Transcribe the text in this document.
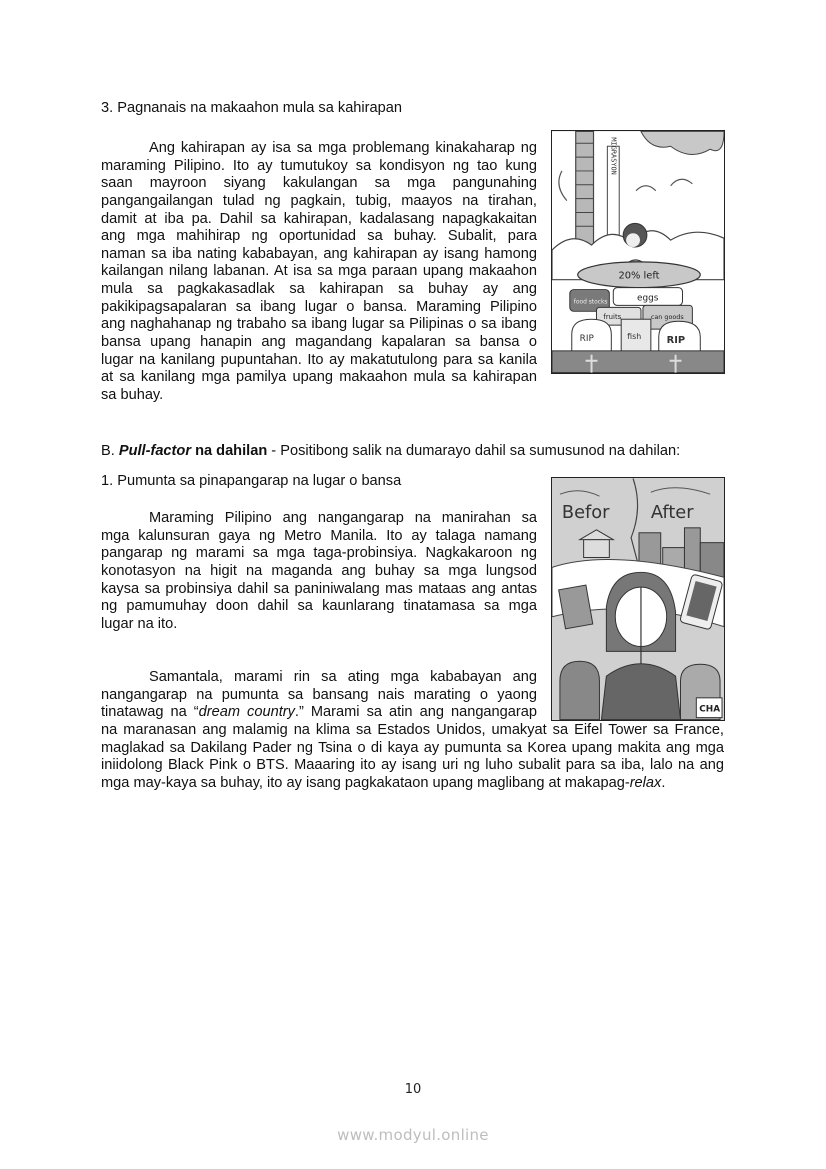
3. Pagnanais na makaahon mula sa kahirapan
Ang kahirapan ay isa sa mga problemang kinakaharap ng
maraming Pilipino. Ito ay tumutukoy sa kondisyon ng tao kung
saan mayroon siyang kakulangan sa mga pangunahing
pangangailangan tulad ng pagkain, tubig, maayos na tirahan,
damit at iba pa. Dahil sa kahirapan, kadalasang napagkakaitan
ang mga mahihirap ng oportunidad sa buhay. Subalit, para
naman sa iba nating kababayan, ang kahirapan ay isang hamong
kailangan nilang labanan. At isa sa mga paraan upang makaahon
mula sa pagkakasadlak sa kahirapan sa buhay ay ang
pakikipagsapalaran sa ibang lugar o bansa. Maraming Pilipino
ang naghahanap ng trabaho sa ibang lugar sa Pilipinas o sa ibang
bansa upang hanapin ang magandang kapalaran sa bansa o
lugar na kanilang pupuntahan. Ito ay makatutulong para sa kanila
at sa kanilang mga pamilya upang makaahon mula sa kahirapan
sa buhay.
MIGRASYON
20% left
food stocks	eggs
fruits	can goods
RIP	fish	RIP
B. Pull-factor na dahilan - Positibong salik na dumarayo dahil sa sumusunod na dahilan:
1. Pumunta sa pinapangarap na lugar o bansa
Maraming Pilipino ang nangangarap na manirahan sa
mga kalunsuran gaya ng Metro Manila. Ito ay talaga namang
pangarap ng marami sa mga taga-probinsiya. Nagkakaroon ng
konotasyon na higit na maganda ang buhay sa mga lungsod
kaysa sa probinsiya dahil sa paniniwalang mas mataas ang antas
ng pamumuhay doon dahil sa kaunlarang tinatamasa sa mga
lugar na ito.
Samantala, marami rin sa ating mga kababayan ang
nangangarap na pumunta sa bansang nais marating o yaong
tinatawag na “dream country.” Marami sa atin ang nangangarap
na maranasan ang malamig na klima sa Estados Unidos, umakyat sa Eifel Tower sa France,
maglakad sa Dakilang Pader ng Tsina o di kaya ay pumunta sa Korea upang makita ang mga
iniidolong Black Pink o BTS. Maaaring ito ay isang uri ng luho subalit para sa iba, lalo na ang
mga may-kaya sa buhay, ito ay isang pagkakataon upang maglibang at makapag-relax.
Befor After
CHA
10
www.modyul.online
